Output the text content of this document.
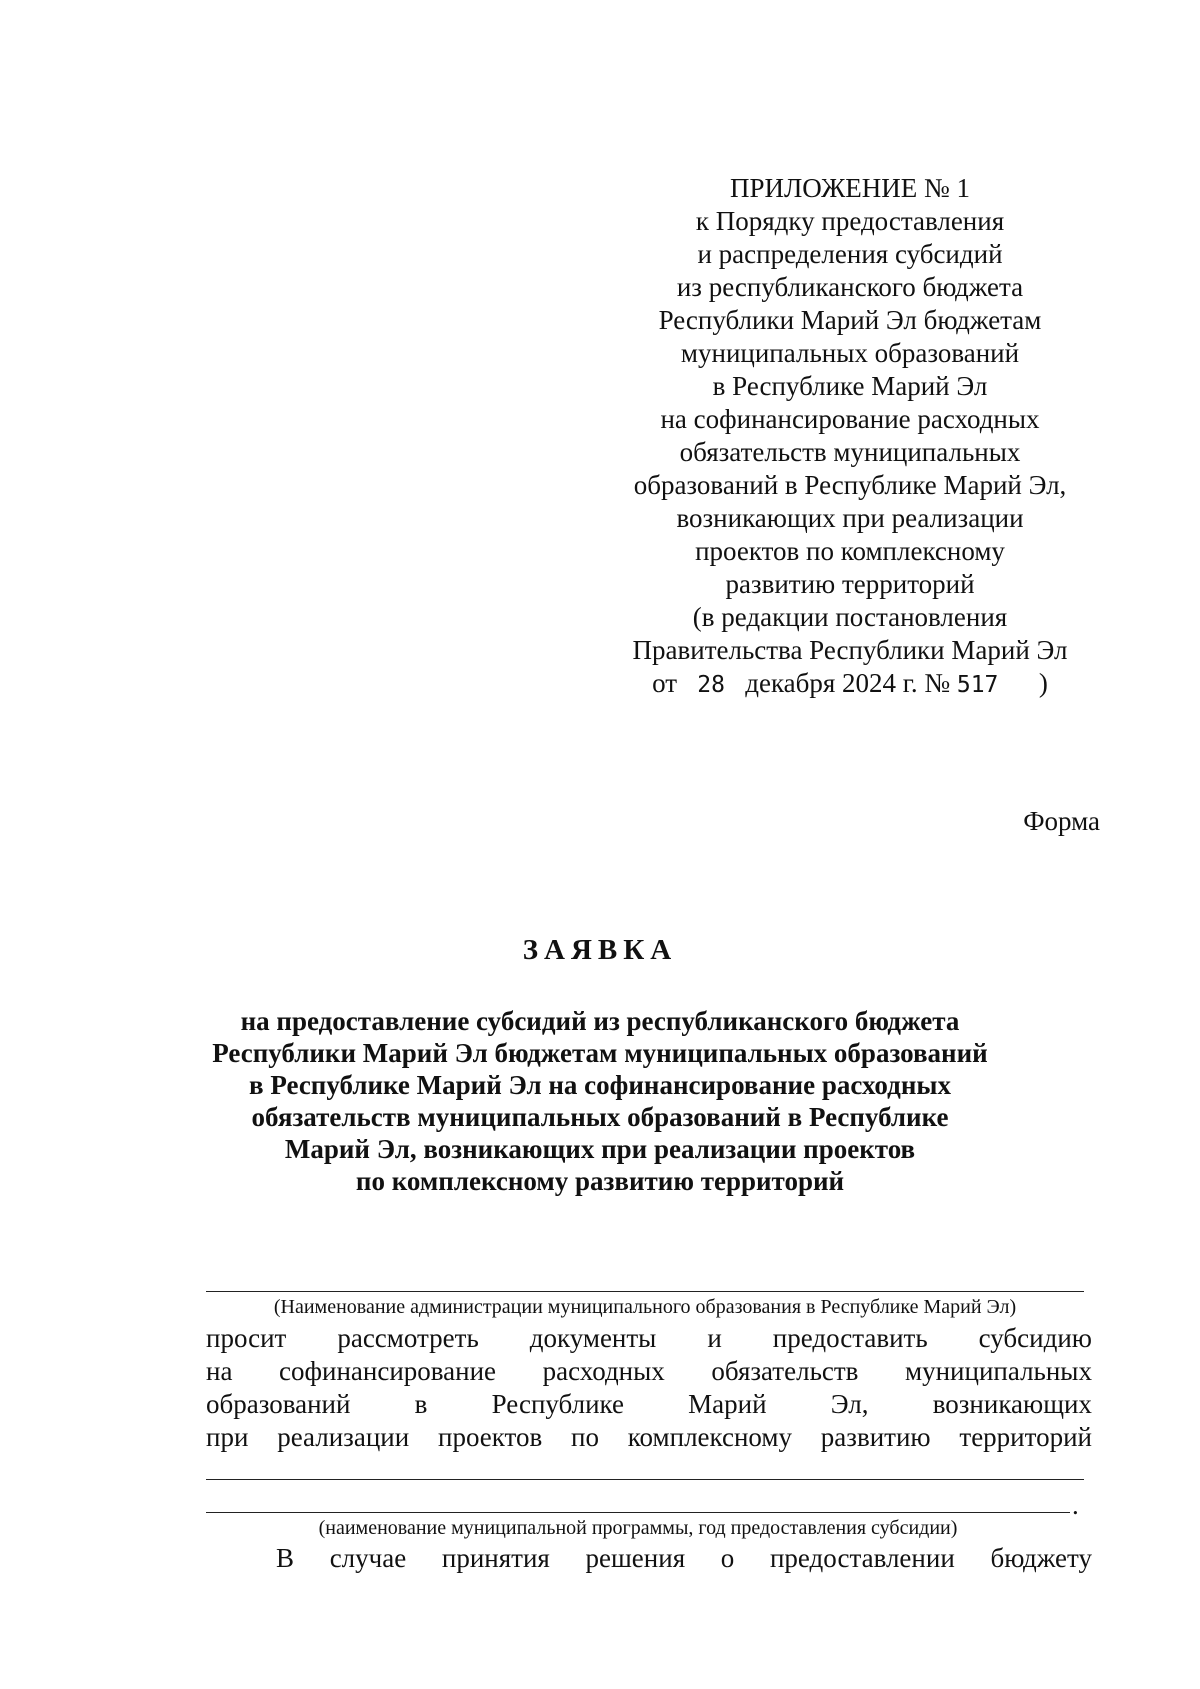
ПРИЛОЖЕНИЕ № 1
к Порядку предоставления
и распределения субсидий
из республиканского бюджета
Республики Марий Эл бюджетам
муниципальных образований
в Республике Марий Эл
на софинансирование расходных
обязательств муниципальных
образований в Республике Марий Эл,
возникающих при реализации
проектов по комплексному
развитию территорий
(в редакции постановления
Правительства Республики Марий Эл
от 28 декабря 2024 г. № 517 )
Форма
ЗАЯВКА
на предоставление субсидий из республиканского бюджета
Республики Марий Эл бюджетам муниципальных образований
в Республике Марий Эл на софинансирование расходных
обязательств муниципальных образований в Республике
Марий Эл, возникающих при реализации проектов
по комплексному развитию территорий
(Наименование администрации муниципального образования в Республике Марий Эл)
просит рассмотреть документы и предоставить субсидию
на софинансирование расходных обязательств муниципальных
образований в Республике Марий Эл, возникающих
при реализации проектов по комплексному развитию территорий
.
(наименование муниципальной программы, год предоставления субсидии)
В случае принятия решения о предоставлении бюджету
